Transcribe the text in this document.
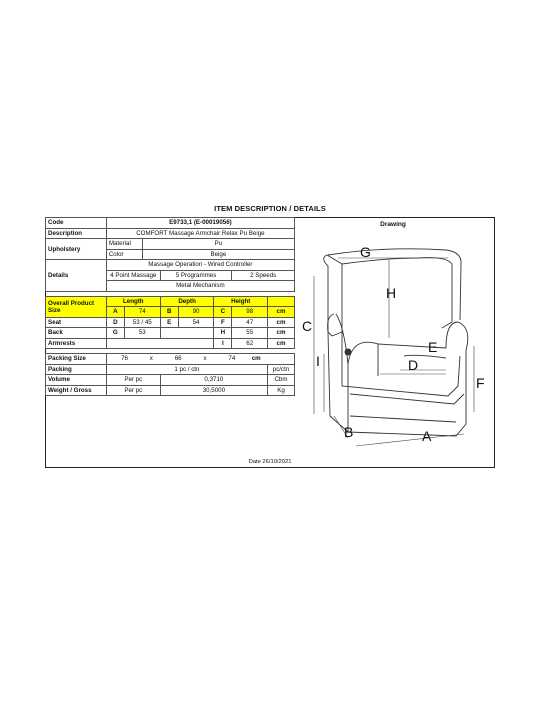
ITEM DESCRIPTION / DETAILS
Code	E9733,1 (E-00019056)									
Description	COMFORT Massage Armchair Relax Pu Beige									
Upholstery	Material		Pu							
	Color		Beige							
Details	Massage Operation - Wired Controller									
	4 Point Massage			5 Programmes				2 Speeds		
	Metal Mechanism									

Overall Product Size	Length			Depth			Height			
	A	74		B	90		C	98		cm
Seat	D	53 / 45		E	54		F	47		cm
Back	G	53					H	55		cm
Armrests							I	62		cm

Packing Size	76		x	66		x	74		cm	
Packing	1 pc / ctn									pc/ctn
Volume	Per pc			0,3710						Cbm
Weight / Gross	Per pc			30,5000						Kg
Drawing
G
H
C
I
E
D
F
B	A
Date 26/10/2021
